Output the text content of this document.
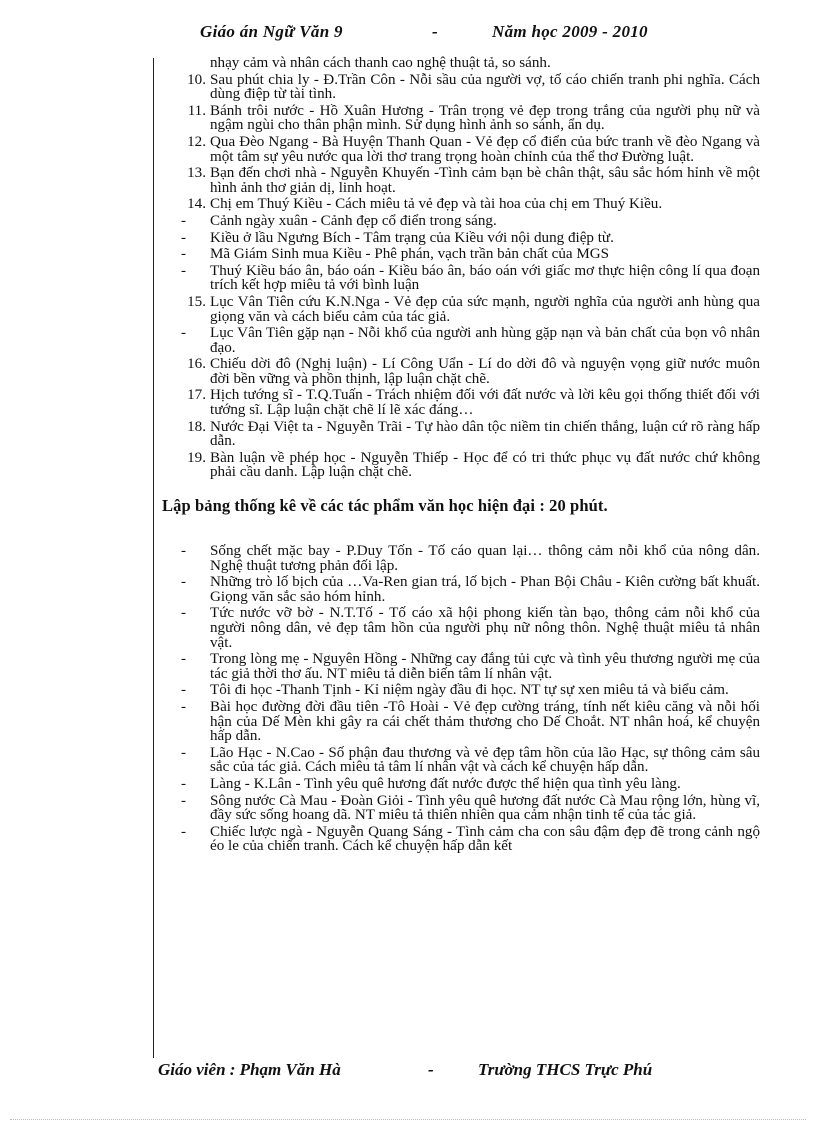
Giáo án Ngữ Văn 9	-	Năm học 2009 - 2010
nhạy cảm và nhân cách thanh cao nghệ thuật tả, so sánh.
10. Sau phút chia ly - Đ.Trần Côn - Nỗi sầu của người vợ, tố cáo chiến tranh phi nghĩa. Cách dùng điệp từ tài tình.
11. Bánh trôi nước - Hồ Xuân Hương - Trân trọng vẻ đẹp trong trắng của người phụ nữ và ngậm ngùi cho thân phận mình. Sử dụng hình ảnh so sánh, ẩn dụ.
12. Qua Đèo Ngang - Bà Huyện Thanh Quan - Vẻ đẹp cổ điển của bức tranh về đèo Ngang và một tâm sự yêu nước qua lời thơ trang trọng hoàn chỉnh của thể thơ Đường luật.
13. Bạn đến chơi nhà - Nguyễn Khuyến -Tình cảm bạn bè chân thật, sâu sắc hóm hỉnh về một hình ảnh thơ giản dị, linh hoạt.
14. Chị em Thuý Kiều - Cách miêu tả vẻ đẹp và tài hoa của chị em Thuý Kiều.
-	Cảnh ngày xuân - Cảnh đẹp cổ điển trong sáng.
-	Kiều ở lầu Ngưng Bích - Tâm trạng của Kiều với nội dung điệp từ.
-	Mã Giám Sinh mua Kiều - Phê phán, vạch trần bản chất của MGS
-	Thuý Kiều báo ân, báo oán - Kiều báo ân, báo oán với giấc mơ thực hiện công lí qua đoạn trích kết hợp miêu tả với bình luận
15. Lục Vân Tiên cứu K.N.Nga - Vẻ đẹp của sức mạnh, người nghĩa của người anh hùng qua giọng văn và cách biểu cảm của tác giả.
-	Lục Vân Tiên gặp nạn - Nỗi khổ của người anh hùng gặp nạn và bản chất của bọn vô nhân đạo.
16. Chiếu dời đô (Nghị luận) - Lí Công Uẩn - Lí do dời đô và nguyện vọng giữ nước muôn đời bền vững và phồn thịnh, lập luận chặt chẽ.
17. Hịch tướng sĩ - T.Q.Tuấn - Trách nhiệm đối với đất nước và lời kêu gọi thống thiết đối với tướng sĩ. Lập luận chặt chẽ lí lẽ xác đáng…
18. Nước Đại Việt ta - Nguyễn Trãi - Tự hào dân tộc niềm tin chiến thắng, luận cứ rõ ràng hấp dẫn.
19. Bàn luận về phép học - Nguyễn Thiếp - Học để có tri thức phục vụ đất nước chứ không phải cầu danh. Lập luận chặt chẽ.
Lập bảng thống kê về các tác phẩm văn học hiện đại : 20 phút.
-	Sống chết mặc bay - P.Duy Tốn - Tố cáo quan lại… thông cảm nỗi khổ của nông dân. Nghệ thuật tương phản đối lập.
-	Những trò lố bịch của …Va-Ren gian trá, lố bịch - Phan Bội Châu - Kiên cường bất khuất. Giọng văn sắc sảo hóm hỉnh.
-	Tức nước vỡ bờ - N.T.Tố - Tố cáo xã hội phong kiến tàn bạo, thông cảm nỗi khổ của người nông dân, vẻ đẹp tâm hồn của người phụ nữ nông thôn. Nghệ thuật miêu tả nhân vật.
-	Trong lòng mẹ - Nguyên Hồng - Những cay đắng tủi cực và tình yêu thương người mẹ của tác giả thời thơ ấu. NT miêu tả diễn biến tâm lí nhân vật.
-	Tôi đi học -Thanh Tịnh - Kỉ niệm ngày đầu đi học. NT tự sự xen miêu tả và biểu cảm.
-	Bài học đường đời đầu tiên -Tô Hoài - Vẻ đẹp cường tráng, tính nết kiêu căng và nỗi hối hận của Dế Mèn khi gây ra cái chết thảm thương cho Dế Choắt. NT nhân hoá, kể chuyện hấp dẫn.
-	Lão Hạc - N.Cao - Số phận đau thương và vẻ đẹp tâm hồn của lão Hạc, sự thông cảm sâu sắc của tác giả. Cách miêu tả tâm lí nhân vật và cách kể chuyện hấp dẫn.
-	Làng - K.Lân - Tình yêu quê hương đất nước được thể hiện qua tình yêu làng.
-	Sông nước Cà Mau - Đoàn Giỏi - Tình yêu quê hương đất nước Cà Mau rộng lớn, hùng vĩ, đầy sức sống hoang dã. NT miêu tả thiên nhiên qua cảm nhận tinh tế của tác giả.
-	Chiếc lược ngà - Nguyễn Quang Sáng - Tình cảm cha con sâu đậm đẹp đẽ trong cảnh ngộ éo le của chiến tranh. Cách kể chuyện hấp dẫn kết
Giáo viên : Phạm Văn Hà	-	Trường THCS Trực Phú
